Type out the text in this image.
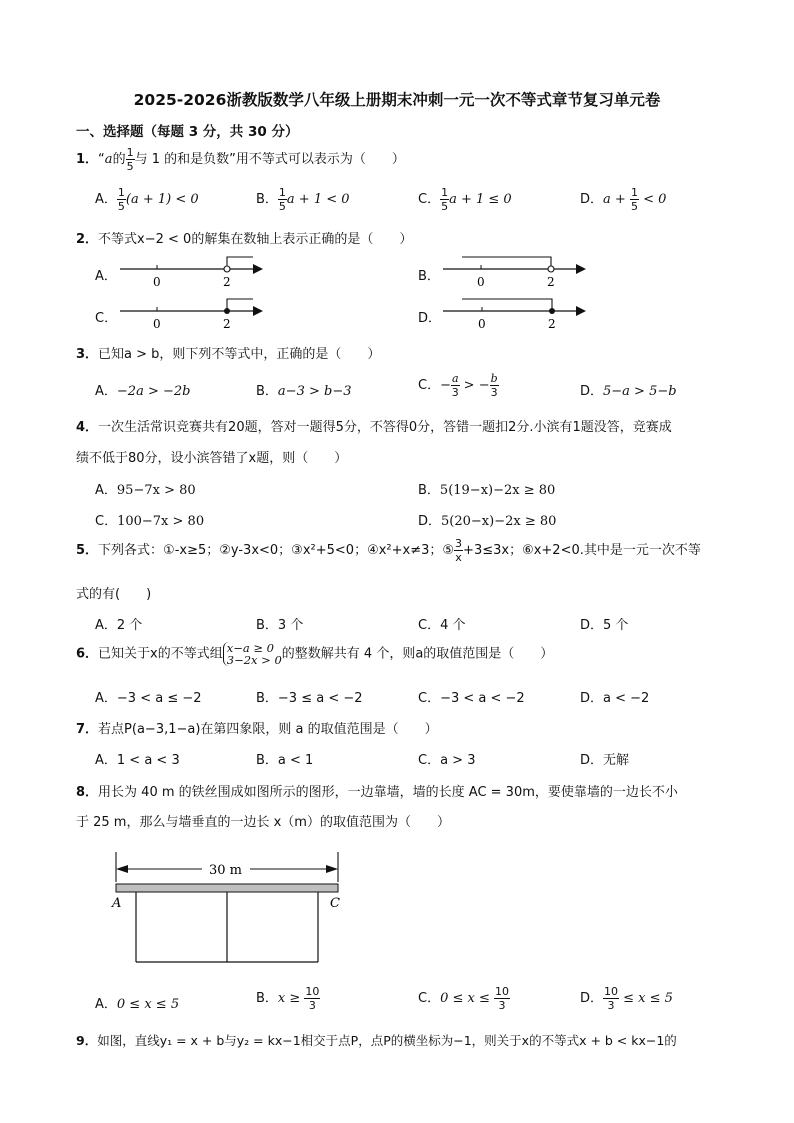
2025-2026浙教版数学八年级上册期末冲刺一元一次不等式章节复习单元卷
一、选择题（每题 3 分，共 30 分）
1．“a的 $\frac{1}{5}$ 与 1 的和是负数”用不等式可以表示为（　　）
A． $\frac{1}{5} (a + 1) < 0$	B． $\frac{1}{5}$ a + 1 < 0	C． $\frac{1}{5}$ a + 1 ≤ 0	D．$a + \frac{1}{5} < 0$
2．不等式x−2 < 0的解集在数轴上表示正确的是（　　）
A．	0	2	B．	0	2
C．	0	2	D．	0	2
3．已知a > b，则下列不等式中，正确的是（　　）
A．−2a > −2b	B．a−3 > b−3	C．− $\frac{a}{3}$ > − $\frac{b}{3}$	D．5−a > 5−b
4．一次生活常识竞赛共有20题，答对一题得5分，不答得0分，答错一题扣2分.小滨有1题没答，竞赛成
绩不低于80分，设小滨答错了x题，则（　　）
A．95−7x > 80	B．5(19−x)−2x ≥ 80
C．100−7x > 80	D．5(20−x)−2x ≥ 80
5．下列各式：①-x≥5；②y-3x<0；③x²+5<0；④x²+x≠3；⑤ $\frac{3}{x} +3\le 3x$；⑥x+2<0.其中是一元一次不等
式的有(　　)
A．2 个	B．3 个	C．4 个	D．5 个
6．已知关于x的不等式组 x−a ≥ 0
3−2x > 0 的整数解共有 4 个，则a的取值范围是（　　）
A．−3 < a ≤ −2	B．−3 ≤ a < −2	C．−3 < a < −2	D．a < −2
7．若点P(a−3,1−a)在第四象限，则 a 的取值范围是（　　）
A．1 < a < 3	B．a < 1	C．a > 3	D．无解
8．用长为 40 m 的铁丝围成如图所示的图形，一边靠墙，墙的长度 AC = 30m，要使靠墙的一边长不小
于 25 m，那么与墙垂直的一边长 x（m）的取值范围为（　　）
30 m
A	C
A．0 ≤ x ≤ 5	B．$x \ge \frac{10}{3}$	C．$0 \le x \le \frac{10}{3}$	D． $\frac{10}{3} \le x \le 5$
9．如图，直线y₁ = x + b与y₂ = kx−1相交于点P，点P的横坐标为−1，则关于x的不等式x + b < kx−1的
